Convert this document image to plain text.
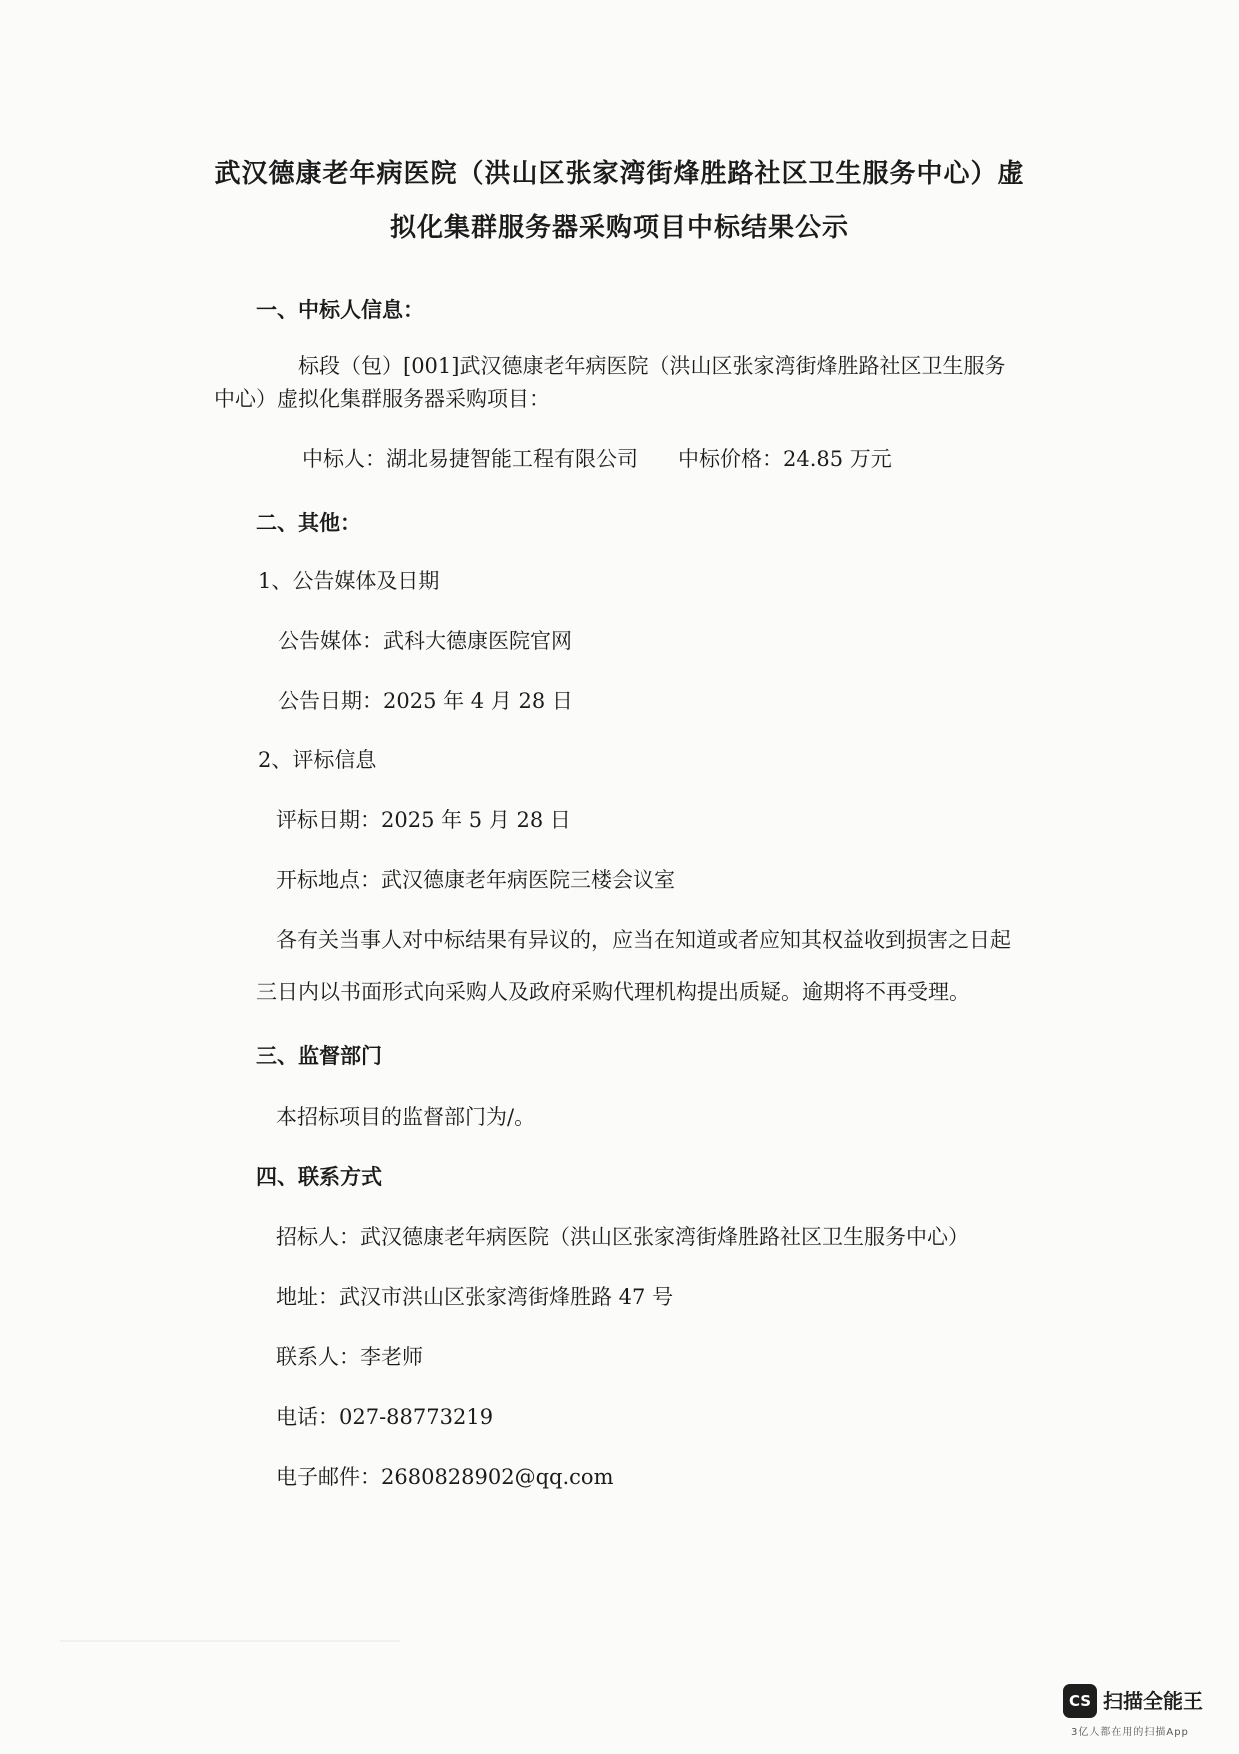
武汉德康老年病医院（洪山区张家湾街烽胜路社区卫生服务中心）虚
拟化集群服务器采购项目中标结果公示
一、中标人信息：
标段（包）[001]武汉德康老年病医院（洪山区张家湾街烽胜路社区卫生服务
中心）虚拟化集群服务器采购项目：
中标人：湖北易捷智能工程有限公司 中标价格：24.85 万元
二、其他：
1、公告媒体及日期
公告媒体：武科大德康医院官网
公告日期：2025 年 4 月 28 日
2、评标信息
评标日期：2025 年 5 月 28 日
开标地点：武汉德康老年病医院三楼会议室
各有关当事人对中标结果有异议的，应当在知道或者应知其权益收到损害之日起
三日内以书面形式向采购人及政府采购代理机构提出质疑。逾期将不再受理。
三、监督部门
本招标项目的监督部门为/。
四、联系方式
招标人：武汉德康老年病医院（洪山区张家湾街烽胜路社区卫生服务中心）
地址：武汉市洪山区张家湾街烽胜路 47 号
联系人：李老师
电话：027-88773219
电子邮件：2680828902@qq.com
CS 扫描全能王
3亿人都在用的扫描App
